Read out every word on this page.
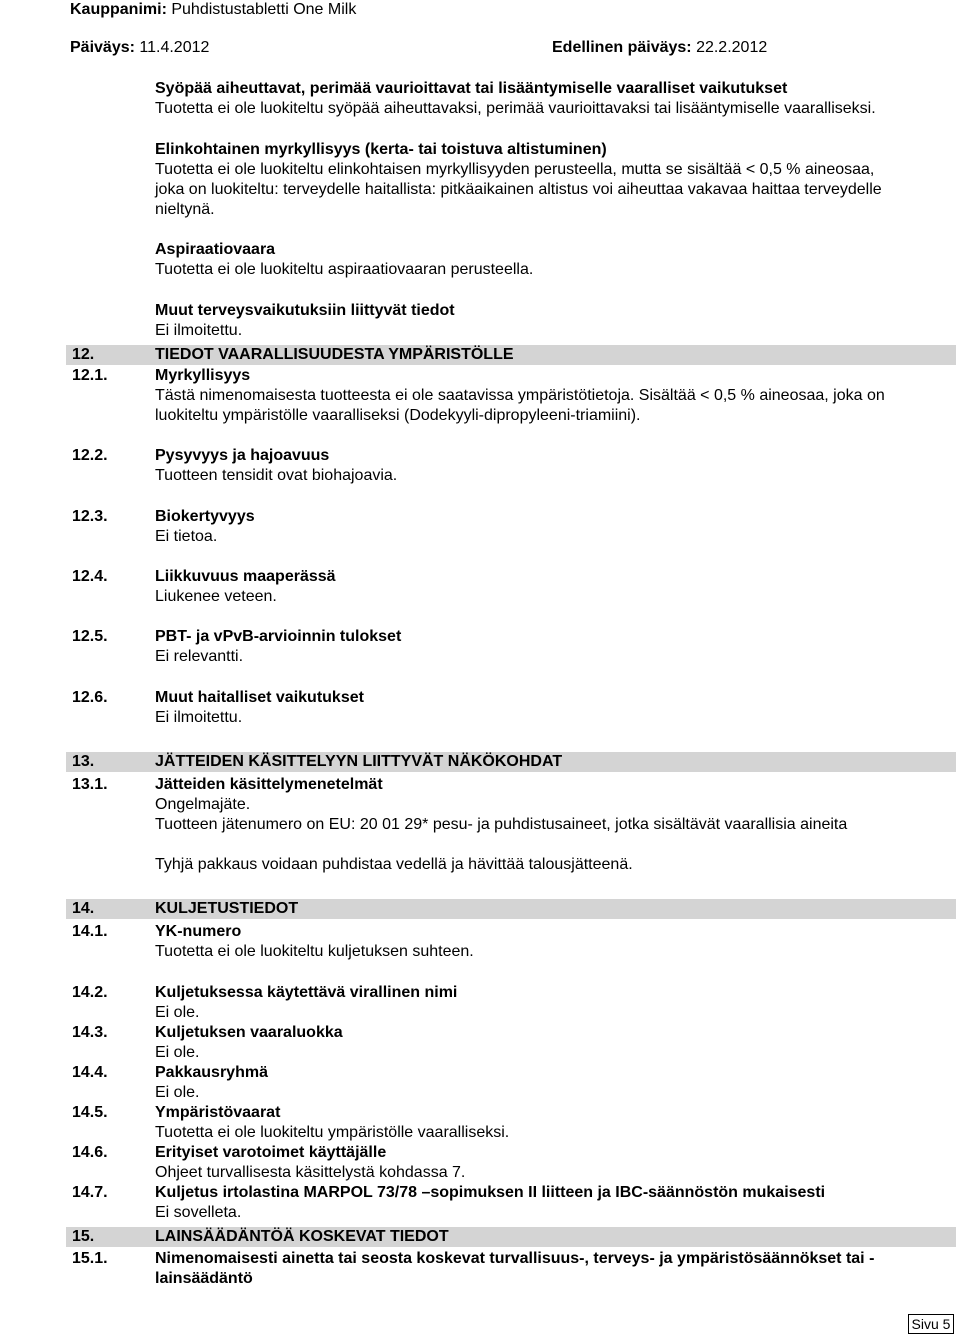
Kauppanimi: Puhdistustabletti One Milk
Päiväys: 11.4.2012	Edellinen päiväys: 22.2.2012
Syöpää aiheuttavat, perimää vaurioittavat tai lisääntymiselle vaaralliset vaikutukset
Tuotetta ei ole luokiteltu syöpää aiheuttavaksi, perimää vaurioittavaksi tai lisääntymiselle vaaralliseksi.
Elinkohtainen myrkyllisyys (kerta- tai toistuva altistuminen)
Tuotetta ei ole luokiteltu elinkohtaisen myrkyllisyyden perusteella, mutta se sisältää < 0,5 % aineosaa,
joka on luokiteltu: terveydelle haitallista: pitkäaikainen altistus voi aiheuttaa vakavaa haittaa terveydelle
nieltynä.
Aspiraatiovaara
Tuotetta ei ole luokiteltu aspiraatiovaaran perusteella.
Muut terveysvaikutuksiin liittyvät tiedot
Ei ilmoitettu.
12.	TIEDOT VAARALLISUUDESTA YMPÄRISTÖLLE
12.1.	Myrkyllisyys
Tästä nimenomaisesta tuotteesta ei ole saatavissa ympäristötietoja. Sisältää < 0,5 % aineosaa, joka on
luokiteltu ympäristölle vaaralliseksi (Dodekyyli-dipropyleeni-triamiini).
12.2.	Pysyvyys ja hajoavuus
Tuotteen tensidit ovat biohajoavia.
12.3.	Biokertyvyys
Ei tietoa.
12.4.	Liikkuvuus maaperässä
Liukenee veteen.
12.5.	PBT- ja vPvB-arvioinnin tulokset
Ei relevantti.
12.6.	Muut haitalliset vaikutukset
Ei ilmoitettu.
13.	JÄTTEIDEN KÄSITTELYYN LIITTYVÄT NÄKÖKOHDAT
13.1.	Jätteiden käsittelymenetelmät
Ongelmajäte.
Tuotteen jätenumero on EU: 20 01 29* pesu- ja puhdistusaineet, jotka sisältävät vaarallisia aineita
Tyhjä pakkaus voidaan puhdistaa vedellä ja hävittää talousjätteenä.
14.	KULJETUSTIEDOT
14.1.	YK-numero
Tuotetta ei ole luokiteltu kuljetuksen suhteen.
14.2.	Kuljetuksessa käytettävä virallinen nimi
Ei ole.
14.3.	Kuljetuksen vaaraluokka
Ei ole.
14.4.	Pakkausryhmä
Ei ole.
14.5.	Ympäristövaarat
Tuotetta ei ole luokiteltu ympäristölle vaaralliseksi.
14.6.	Erityiset varotoimet käyttäjälle
Ohjeet turvallisesta käsittelystä kohdassa 7.
14.7.	Kuljetus irtolastina MARPOL 73/78 –sopimuksen II liitteen ja IBC-säännöstön mukaisesti
Ei sovelleta.
15.	LAINSÄÄDÄNTÖÄ KOSKEVAT TIEDOT
15.1.	Nimenomaisesti ainetta tai seosta koskevat turvallisuus-, terveys- ja ympäristösäännökset tai -
lainsäädäntö
Sivu 5
